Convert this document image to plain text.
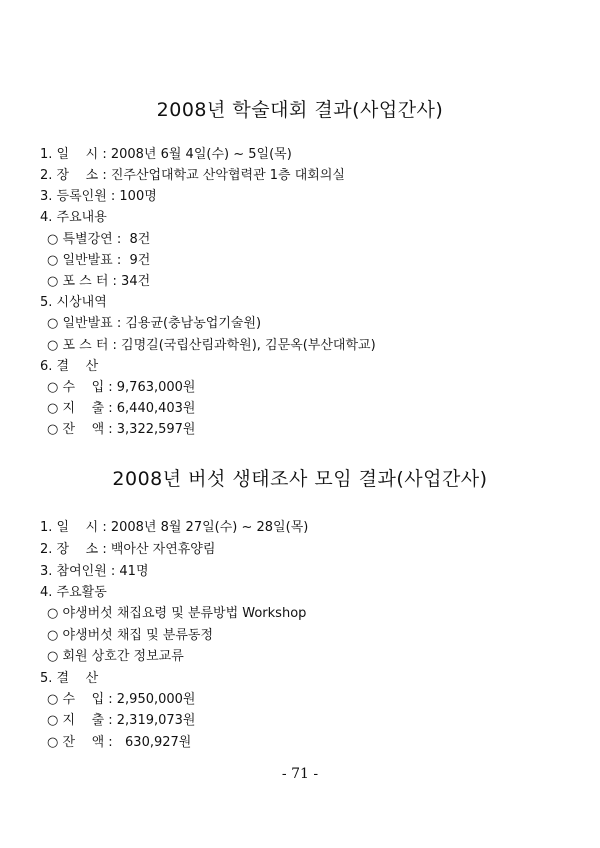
2008년 학술대회 결과(사업간사)
1. 일    시 : 2008년 6월 4일(수) ~ 5일(목)
2. 장    소 : 진주산업대학교 산악협력관 1층 대회의실
3. 등록인원 : 100명
4. 주요내용
○ 특별강연 :  8건
○ 일반발표 :  9건
○ 포 스 터 : 34건
5. 시상내역
○ 일반발표 : 김용균(충남농업기술원)
○ 포 스 터 : 김명길(국립산림과학원), 김문옥(부산대학교)
6. 결    산
○ 수    입 : 9,763,000원
○ 지    출 : 6,440,403원
○ 잔    액 : 3,322,597원
2008년 버섯 생태조사 모임 결과(사업간사)
1. 일    시 : 2008년 8월 27일(수) ~ 28일(목)
2. 장    소 : 백아산 자연휴양림
3. 참여인원 : 41명
4. 주요활동
○ 야생버섯 채집요령 및 분류방법 Workshop
○ 야생버섯 채집 및 분류동정
○ 회원 상호간 정보교류
5. 결    산
○ 수    입 : 2,950,000원
○ 지    출 : 2,319,073원
○ 잔    액 :   630,927원
- 71 -
